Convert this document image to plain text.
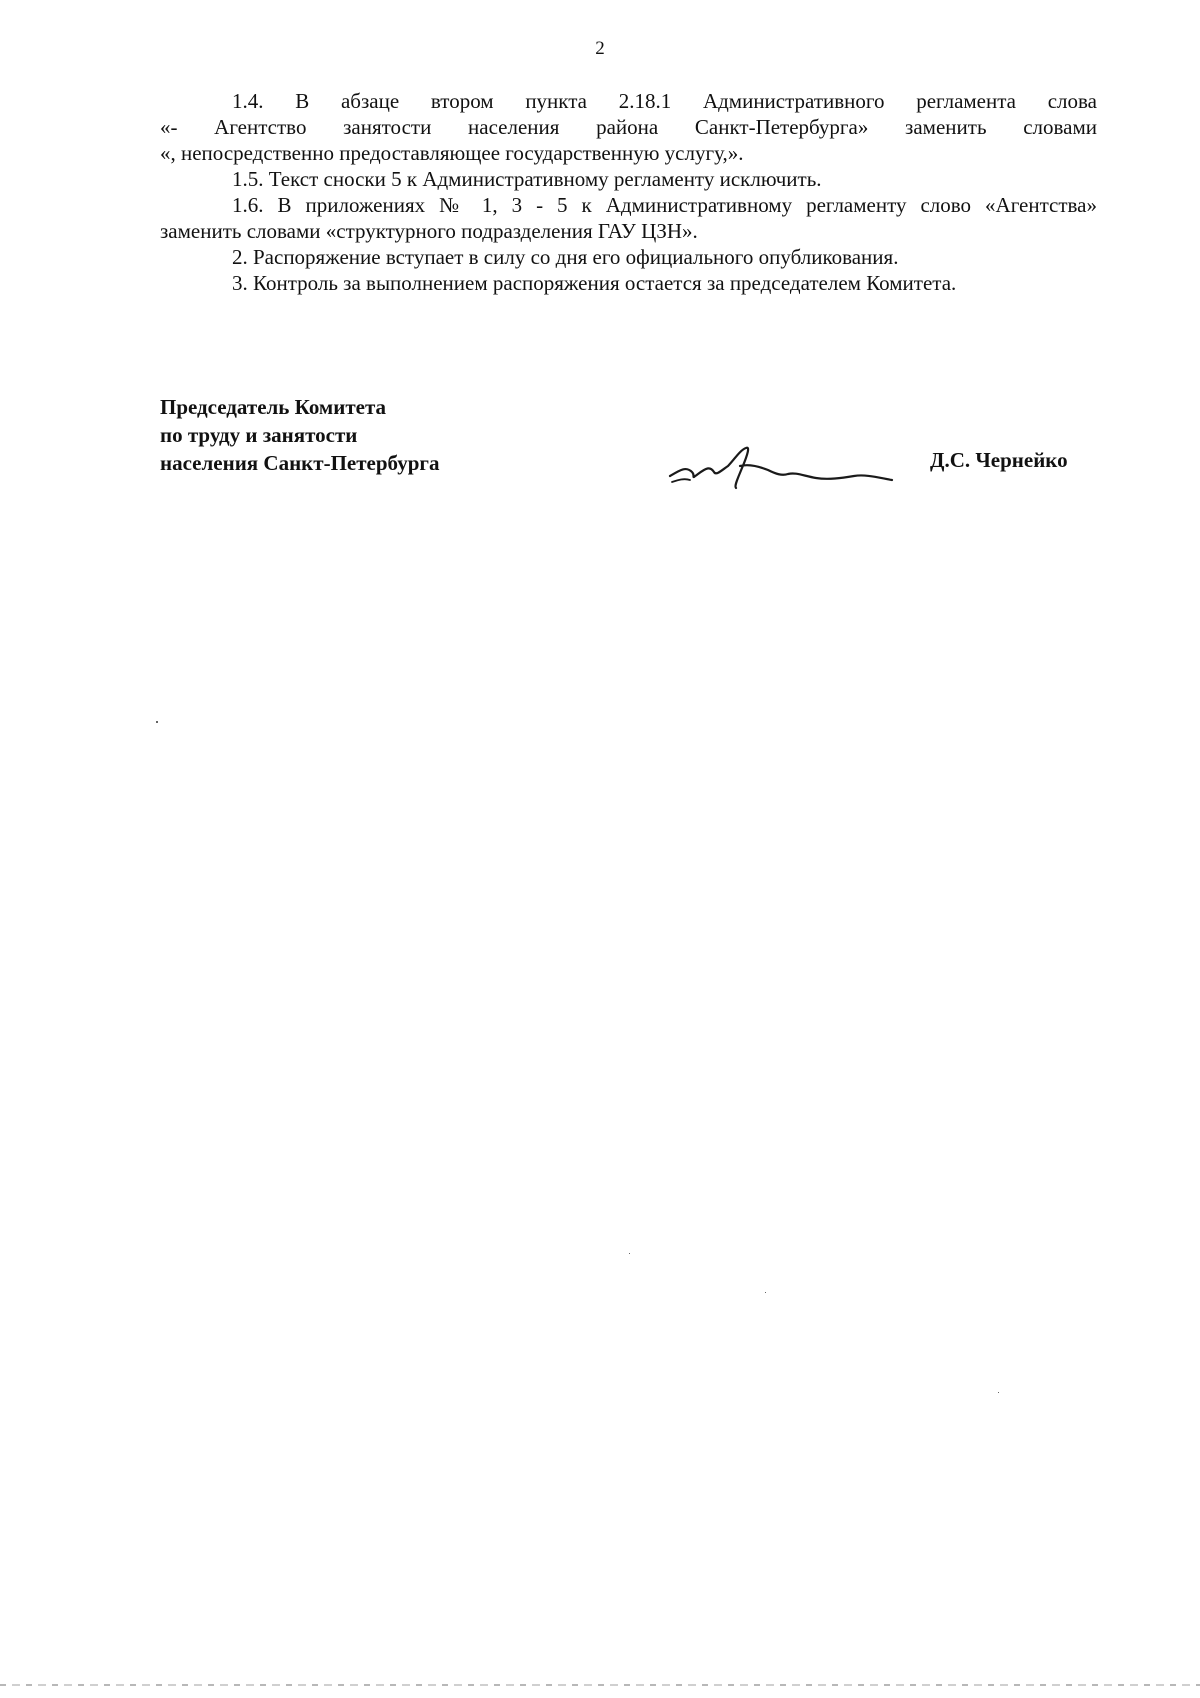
2

1.4. В абзаце втором пункта 2.18.1 Административного регламента слова
«- Агентство занятости населения района Санкт-Петербурга» заменить словами
«, непосредственно предоставляющее государственную услугу,».

1.5. Текст сноски 5 к Административному регламенту исключить.

1.6. В приложениях № 1, 3 - 5 к Административному регламенту слово «Агентства»
заменить словами «структурного подразделения ГАУ ЦЗН».

2. Распоряжение вступает в силу со дня его официального опубликования.

3. Контроль за выполнением распоряжения остается за председателем Комитета.

Председатель Комитета
по труду и занятости
населения Санкт-Петербурга	Д.С. Чернейко
